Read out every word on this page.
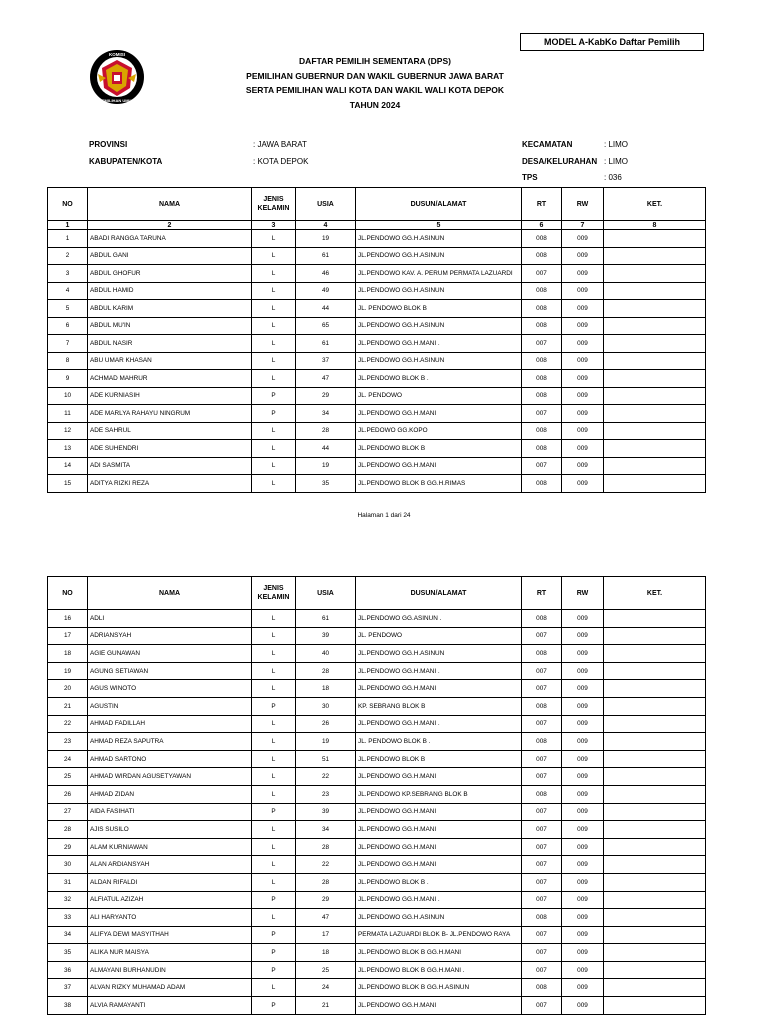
MODEL A-KabKo Daftar Pemilih
KOMISI
PEMILIHAN UMUM
DAFTAR PEMILIH SEMENTARA (DPS)
PEMILIHAN GUBERNUR DAN WAKIL GUBERNUR JAWA BARAT
SERTA PEMILIHAN WALI KOTA DAN WAKIL WALI KOTA DEPOK
TAHUN 2024
PROVINSI	: JAWA BARAT
KABUPATEN/KOTA	: KOTA DEPOK
KECAMATAN	: LIMO
DESA/KELURAHAN : LIMO
TPS	: 036
NO	NAMA	JENIS KELAMIN	USIA	DUSUN/ALAMAT	RT	RW	KET.
1	2	3	4	5	6	7	8
1	ABADI RANGGA TARUNA	L	19	JL.PENDOWO GG.H.ASINUN	008	009	
2	ABDUL GANI	L	61	JL.PENDOWO GG.H.ASINUN	008	009	
3	ABDUL GHOFUR	L	46	JL.PENDOWO KAV. A. PERUM PERMATA LAZUARDI	007	009	
4	ABDUL HAMID	L	49	JL.PENDOWO GG.H.ASINUN	008	009	
5	ABDUL KARIM	L	44	JL. PENDOWO BLOK B	008	009	
6	ABDUL MU'IN	L	65	JL.PENDOWO GG.H.ASINUN	008	009	
7	ABDUL NASIR	L	61	JL.PENDOWO GG.H.MANI .	007	009	
8	ABU UMAR KHASAN	L	37	JL.PENDOWO GG.H.ASINUN	008	009	
9	ACHMAD MAHRUR	L	47	JL.PENDOWO BLOK B .	008	009	
10	ADE KURNIASIH	P	29	JL. PENDOWO	008	009	
11	ADE MARLYA RAHAYU NINGRUM	P	34	JL.PENDOWO GG.H.MANI	007	009	
12	ADE SAHRUL	L	28	JL.PEDOWO GG.KOPO	008	009	
13	ADE SUHENDRI	L	44	JL.PENDOWO BLOK B	008	009	
14	ADI SASMITA	L	19	JL.PENDOWO GG.H.MANI	007	009	
15	ADITYA RIZKI REZA	L	35	JL.PENDOWO BLOK B GG.H.RIMAS	008	009	
Halaman 1 dari 24
NO	NAMA	JENIS KELAMIN	USIA	DUSUN/ALAMAT	RT	RW	KET.
16	ADLI	L	61	JL.PENDOWO GG.ASINUN .	008	009	
17	ADRIANSYAH	L	39	JL. PENDOWO	007	009	
18	AGIE GUNAWAN	L	40	JL.PENDOWO GG.H.ASINUN	008	009	
19	AGUNG SETIAWAN	L	28	JL.PENDOWO GG.H.MANI .	007	009	
20	AGUS WINOTO	L	18	JL.PENDOWO GG.H.MANI	007	009	
21	AGUSTIN	P	30	KP. SEBRANG BLOK B	008	009	
22	AHMAD FADILLAH	L	26	JL.PENDOWO GG.H.MANI .	007	009	
23	AHMAD REZA SAPUTRA	L	19	JL. PENDOWO BLOK B .	008	009	
24	AHMAD SARTONO	L	51	JL.PENDOWO BLOK B	007	009	
25	AHMAD WIRDAN AGUSETYAWAN	L	22	JL.PENDOWO GG.H.MANI	007	009	
26	AHMAD ZIDAN	L	23	JL.PENDOWO KP.SEBRANG BLOK B	008	009	
27	AIDA FASIHATI	P	39	JL.PENDOWO GG.H.MANI	007	009	
28	AJIS SUSILO	L	34	JL.PENDOWO GG.H.MANI	007	009	
29	ALAM KURNIAWAN	L	28	JL.PENDOWO GG.H.MANI	007	009	
30	ALAN ARDIANSYAH	L	22	JL.PENDOWO GG.H.MANI	007	009	
31	ALDAN RIFALDI	L	28	JL.PENDOWO BLOK B .	007	009	
32	ALFIATUL AZIZAH	P	29	JL.PENDOWO GG.H.MANI .	007	009	
33	ALI HARYANTO	L	47	JL.PENDOWO GG.H.ASINUN	008	009	
34	ALIFYA DEWI MASYITHAH	P	17	PERMATA LAZUARDI BLOK B- JL.PENDOWO RAYA	007	009	
35	ALIKA NUR MAISYA	P	18	JL.PENDOWO BLOK B GG.H.MANI	007	009	
36	ALMAYANI BURHANUDIN	P	25	JL.PENDOWO BLOK B GG.H.MANI .	007	009	
37	ALVAN RIZKY MUHAMAD ADAM	L	24	JL.PENDOWO BLOK B GG.H.ASINUN	008	009	
38	ALVIA RAMAYANTI	P	21	JL.PENDOWO GG.H.MANI	007	009	
